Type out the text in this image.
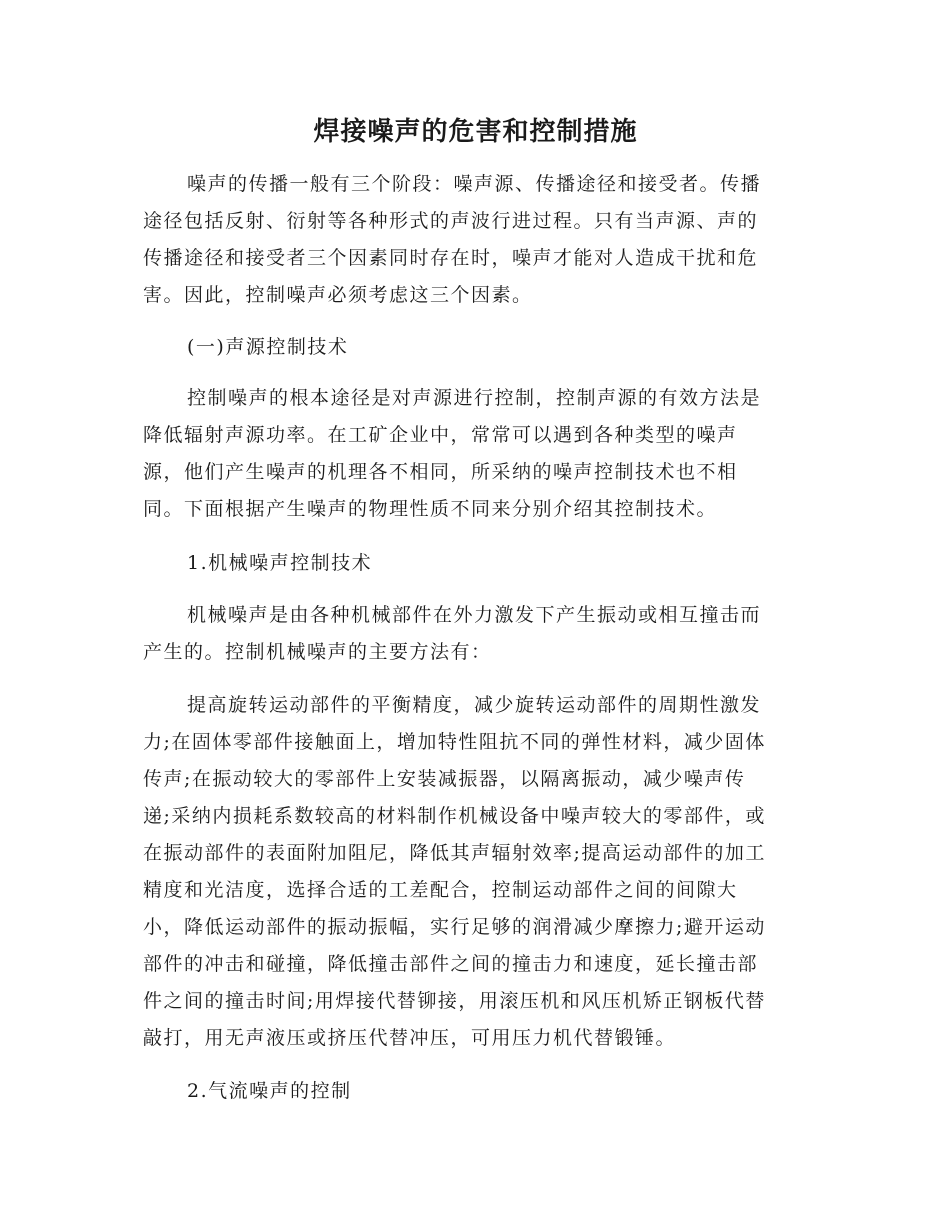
焊接噪声的危害和控制措施

噪声的传播一般有三个阶段：噪声源、传播途径和接受者。传播
途径包括反射、衍射等各种形式的声波行进过程。只有当声源、声的
传播途径和接受者三个因素同时存在时，噪声才能对人造成干扰和危
害。因此，控制噪声必须考虑这三个因素。

(一)声源控制技术

控制噪声的根本途径是对声源进行控制，控制声源的有效方法是
降低辐射声源功率。在工矿企业中，常常可以遇到各种类型的噪声
源，他们产生噪声的机理各不相同，所采纳的噪声控制技术也不相
同。下面根据产生噪声的物理性质不同来分别介绍其控制技术。

1.机械噪声控制技术

机械噪声是由各种机械部件在外力激发下产生振动或相互撞击而
产生的。控制机械噪声的主要方法有：

提高旋转运动部件的平衡精度，减少旋转运动部件的周期性激发
力;在固体零部件接触面上，增加特性阻抗不同的弹性材料，减少固体
传声;在振动较大的零部件上安装减振器，以隔离振动，减少噪声传
递;采纳内损耗系数较高的材料制作机械设备中噪声较大的零部件，或
在振动部件的表面附加阻尼，降低其声辐射效率;提高运动部件的加工
精度和光洁度，选择合适的工差配合，控制运动部件之间的间隙大
小，降低运动部件的振动振幅，实行足够的润滑减少摩擦力;避开运动
部件的冲击和碰撞，降低撞击部件之间的撞击力和速度，延长撞击部
件之间的撞击时间;用焊接代替铆接，用滚压机和风压机矫正钢板代替
敲打，用无声液压或挤压代替冲压，可用压力机代替锻锤。

2.气流噪声的控制
